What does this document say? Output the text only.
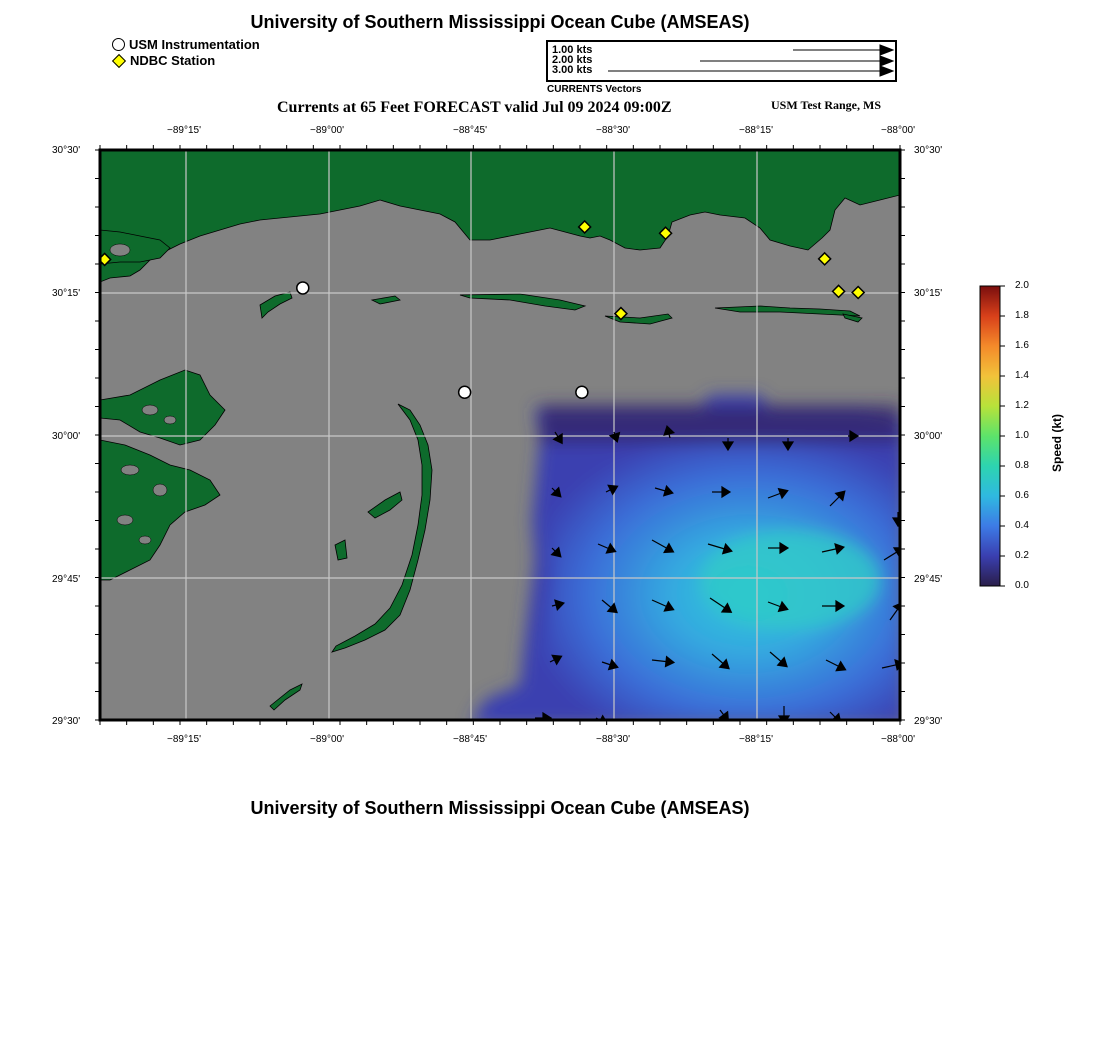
University of Southern Mississippi Ocean Cube (AMSEAS)
USM Instrumentation
NDBC Station
1.00 kts
2.00 kts
3.00 kts
CURRENTS Vectors
Currents at 65 Feet FORECAST valid Jul 09 2024 09:00Z	USM Test Range, MS
−89°15'	−89°00'	−88°45'	−88°30'	−88°15'	−88°00'
−89°15'	−89°00'	−88°45'	−88°30'	−88°15'	−88°00'
30°30'
30°15'
30°00'
29°45'
29°30'
30°30'
30°15'
30°00'
29°45'
29°30'
2.0
1.8
1.6
1.4
1.2
1.0
0.8
0.6
0.4
0.2
0.0
Speed (kt)
University of Southern Mississippi Ocean Cube (AMSEAS)
